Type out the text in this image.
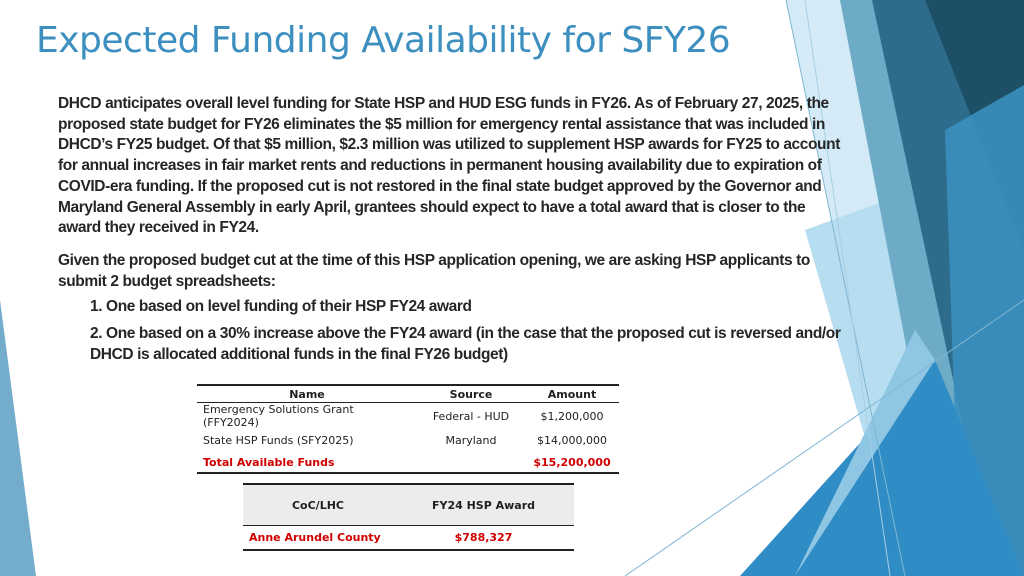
Expected Funding Availability for SFY26

DHCD anticipates overall level funding for State HSP and HUD ESG funds in FY26. As of February 27, 2025, the proposed state budget for FY26 eliminates the $5 million for emergency rental assistance that was included in DHCD’s FY25 budget. Of that $5 million, $2.3 million was utilized to supplement HSP awards for FY25 to account for annual increases in fair market rents and reductions in permanent housing availability due to expiration of COVID-era funding. If the proposed cut is not restored in the final state budget approved by the Governor and Maryland General Assembly in early April, grantees should expect to have a total award that is closer to the award they received in FY24.

Given the proposed budget cut at the time of this HSP application opening, we are asking HSP applicants to submit 2 budget spreadsheets:

1. One based on level funding of their HSP FY24 award
2. One based on a 30% increase above the FY24 award (in the case that the proposed cut is reversed and/or DHCD is allocated additional funds in the final FY26 budget)
Name	Source	Amount
Emergency Solutions Grant (FFY2024)	Federal - HUD	$1,200,000
State HSP Funds (SFY2025)	Maryland	$14,000,000
Total Available Funds		$15,200,000
CoC/LHC	FY24 HSP Award
Anne Arundel County	$788,327
